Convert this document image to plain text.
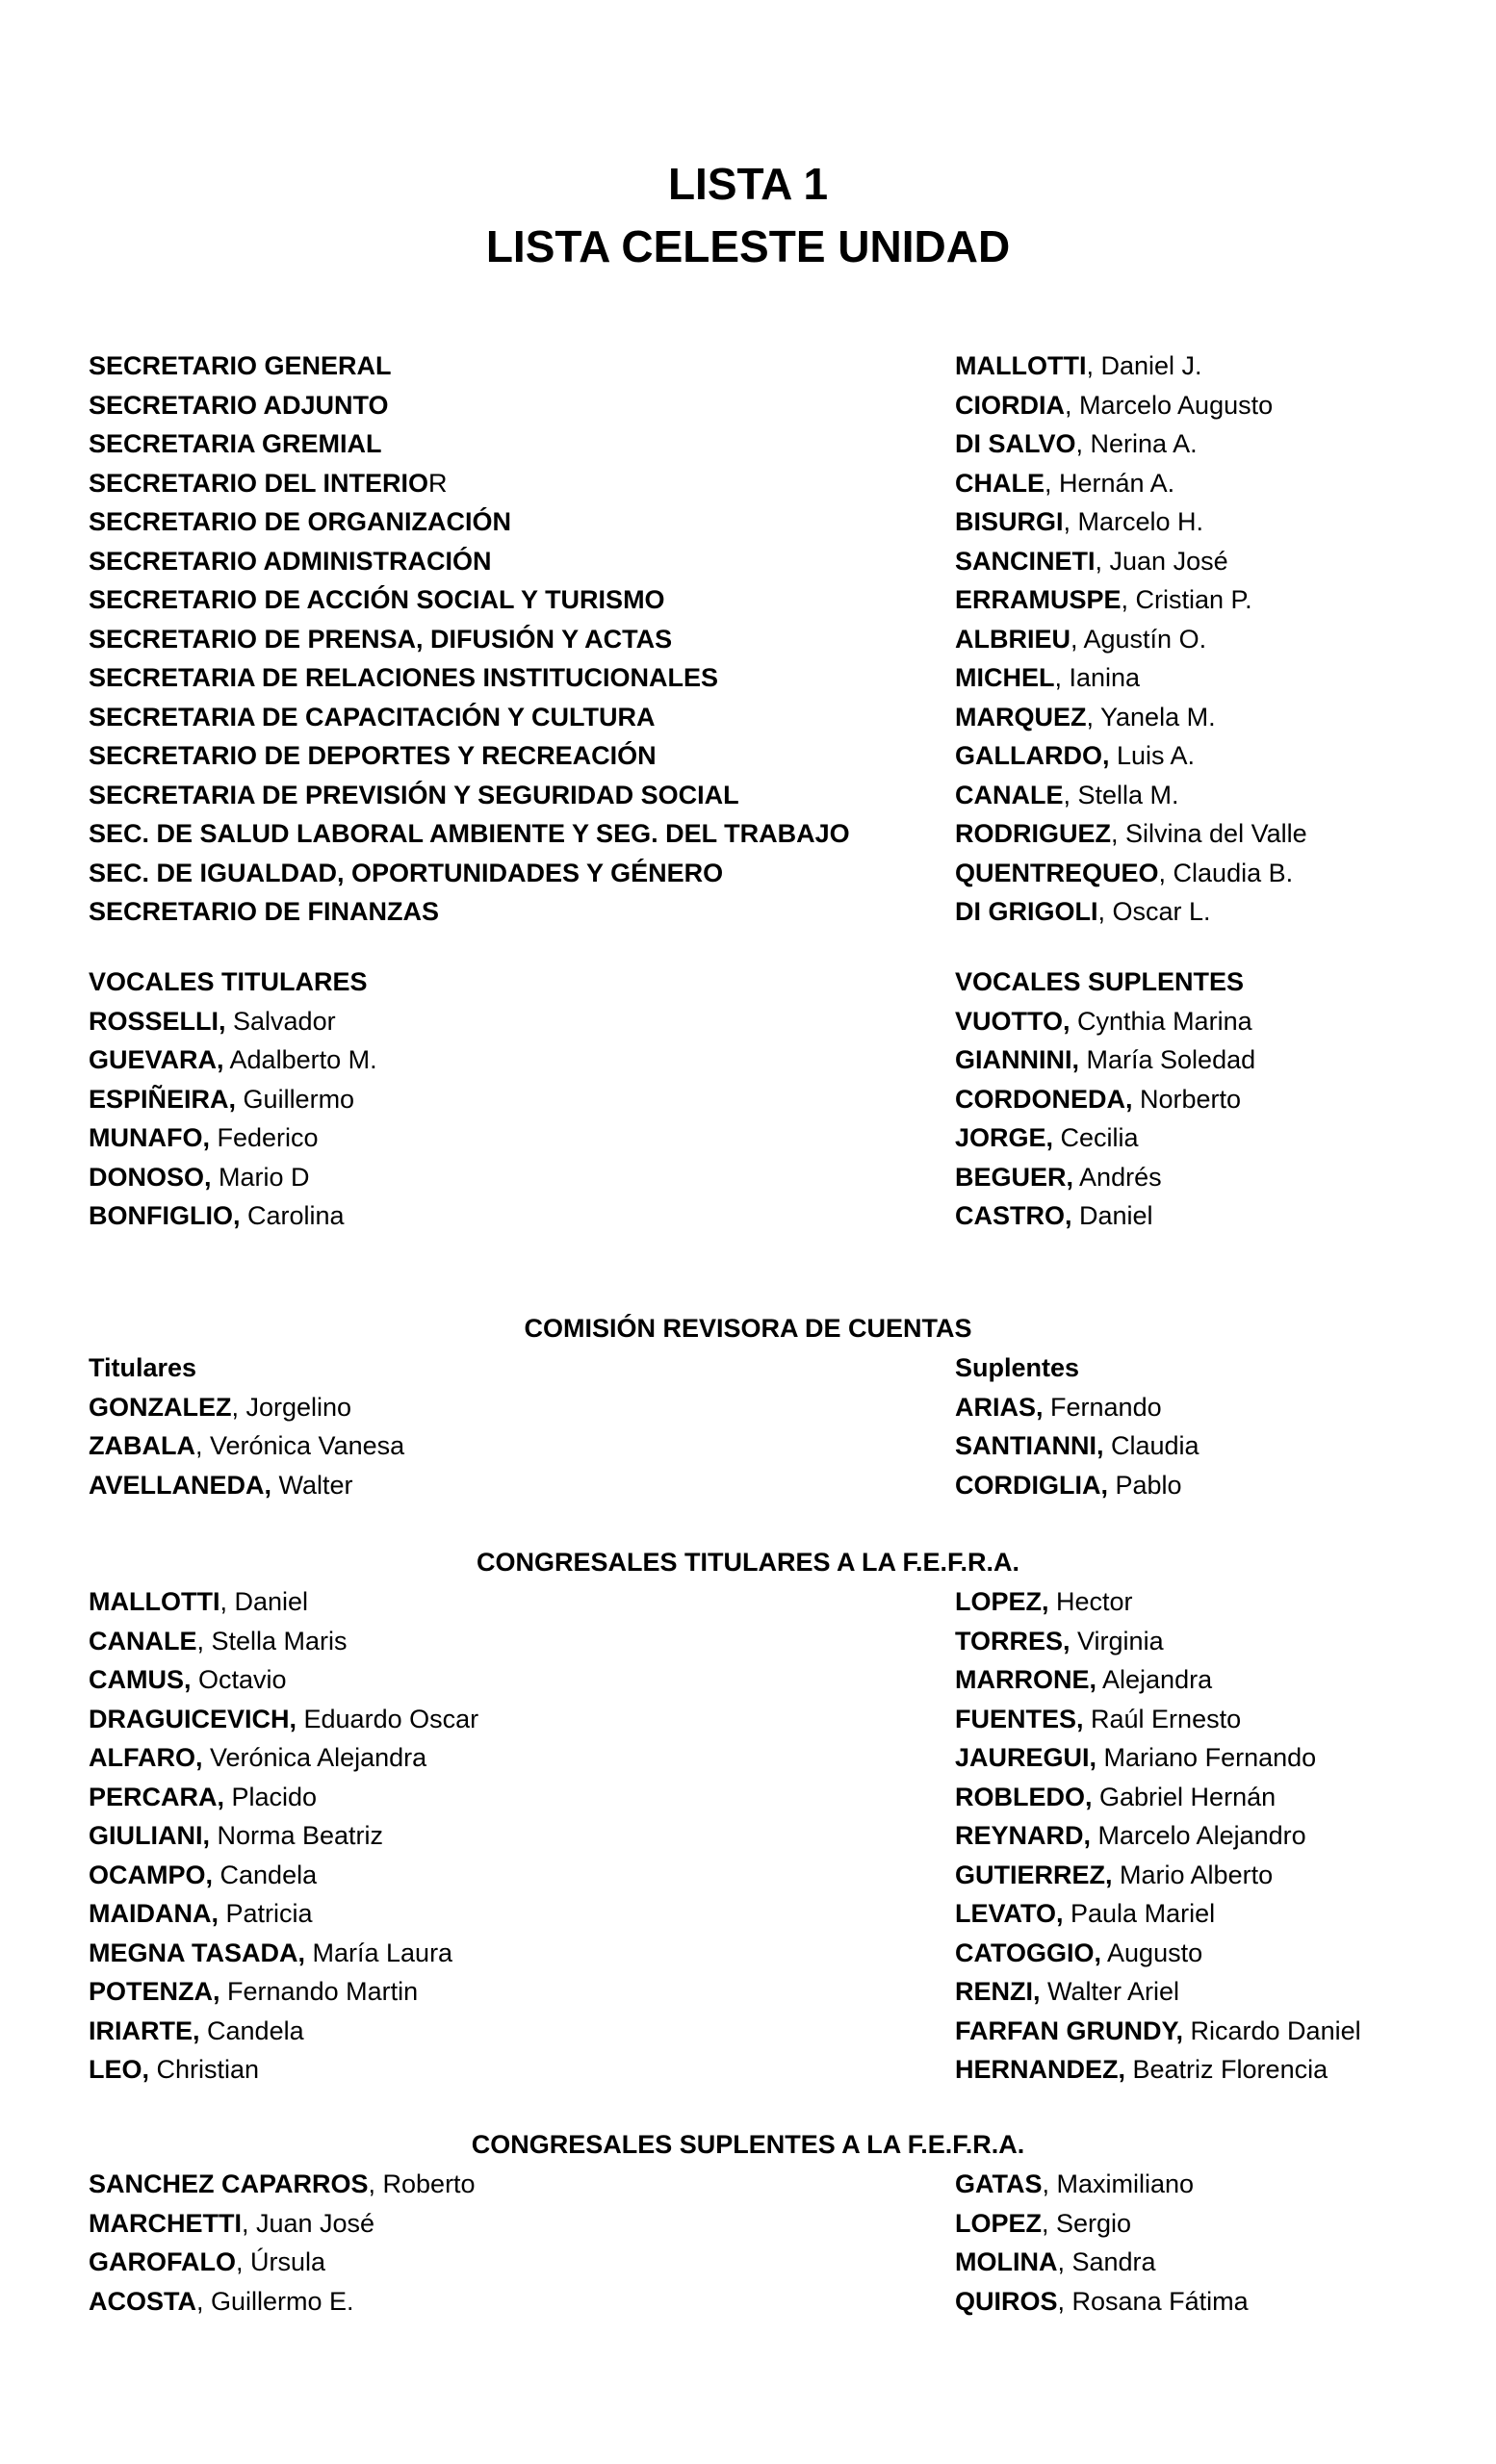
LISTA 1
LISTA CELESTE UNIDAD
SECRETARIO GENERAL
SECRETARIO ADJUNTO
SECRETARIA GREMIAL
SECRETARIO DEL INTERIOR
SECRETARIO DE ORGANIZACIÓN
SECRETARIO ADMINISTRACIÓN
SECRETARIO DE ACCIÓN SOCIAL Y TURISMO
SECRETARIO DE PRENSA, DIFUSIÓN Y ACTAS
SECRETARIA DE RELACIONES INSTITUCIONALES
SECRETARIA DE CAPACITACIÓN Y CULTURA
SECRETARIO DE DEPORTES Y RECREACIÓN
SECRETARIA DE PREVISIÓN Y SEGURIDAD SOCIAL
SEC. DE SALUD LABORAL AMBIENTE Y SEG. DEL TRABAJO
SEC. DE IGUALDAD, OPORTUNIDADES Y GÉNERO
SECRETARIO DE FINANZAS
MALLOTTI, Daniel J.
CIORDIA, Marcelo Augusto
DI SALVO, Nerina A.
CHALE, Hernán A.
BISURGI, Marcelo H.
SANCINETI, Juan José
ERRAMUSPE, Cristian P.
ALBRIEU, Agustín O.
MICHEL, Ianina
MARQUEZ, Yanela M.
GALLARDO, Luis A.
CANALE, Stella M.
RODRIGUEZ, Silvina del Valle
QUENTREQUEO, Claudia B.
DI GRIGOLI, Oscar L.
VOCALES TITULARES
ROSSELLI, Salvador
GUEVARA, Adalberto M.
ESPIÑEIRA, Guillermo
MUNAFO, Federico
DONOSO, Mario D
BONFIGLIO, Carolina
VOCALES SUPLENTES
VUOTTO, Cynthia Marina
GIANNINI, María Soledad
CORDONEDA, Norberto
JORGE, Cecilia
BEGUER, Andrés
CASTRO, Daniel
COMISIÓN REVISORA DE CUENTAS
Titulares
GONZALEZ, Jorgelino
ZABALA, Verónica Vanesa
AVELLANEDA, Walter
Suplentes
ARIAS, Fernando
SANTIANNI, Claudia
CORDIGLIA, Pablo
CONGRESALES TITULARES A LA F.E.F.R.A.
MALLOTTI, Daniel
CANALE, Stella Maris
CAMUS, Octavio
DRAGUICEVICH, Eduardo Oscar
ALFARO, Verónica Alejandra
PERCARA, Placido
GIULIANI, Norma Beatriz
OCAMPO, Candela
MAIDANA, Patricia
MEGNA TASADA, María Laura
POTENZA, Fernando Martin
IRIARTE, Candela
LEO, Christian
LOPEZ, Hector
TORRES, Virginia
MARRONE, Alejandra
FUENTES, Raúl Ernesto
JAUREGUI, Mariano Fernando
ROBLEDO, Gabriel Hernán
REYNARD, Marcelo Alejandro
GUTIERREZ, Mario Alberto
LEVATO, Paula Mariel
CATOGGIO, Augusto
RENZI, Walter Ariel
FARFAN GRUNDY, Ricardo Daniel
HERNANDEZ, Beatriz Florencia
CONGRESALES SUPLENTES A LA F.E.F.R.A.
SANCHEZ CAPARROS, Roberto
MARCHETTI, Juan José
GAROFALO, Úrsula
ACOSTA, Guillermo E.
GATAS, Maximiliano
LOPEZ, Sergio
MOLINA, Sandra
QUIROS, Rosana Fátima
